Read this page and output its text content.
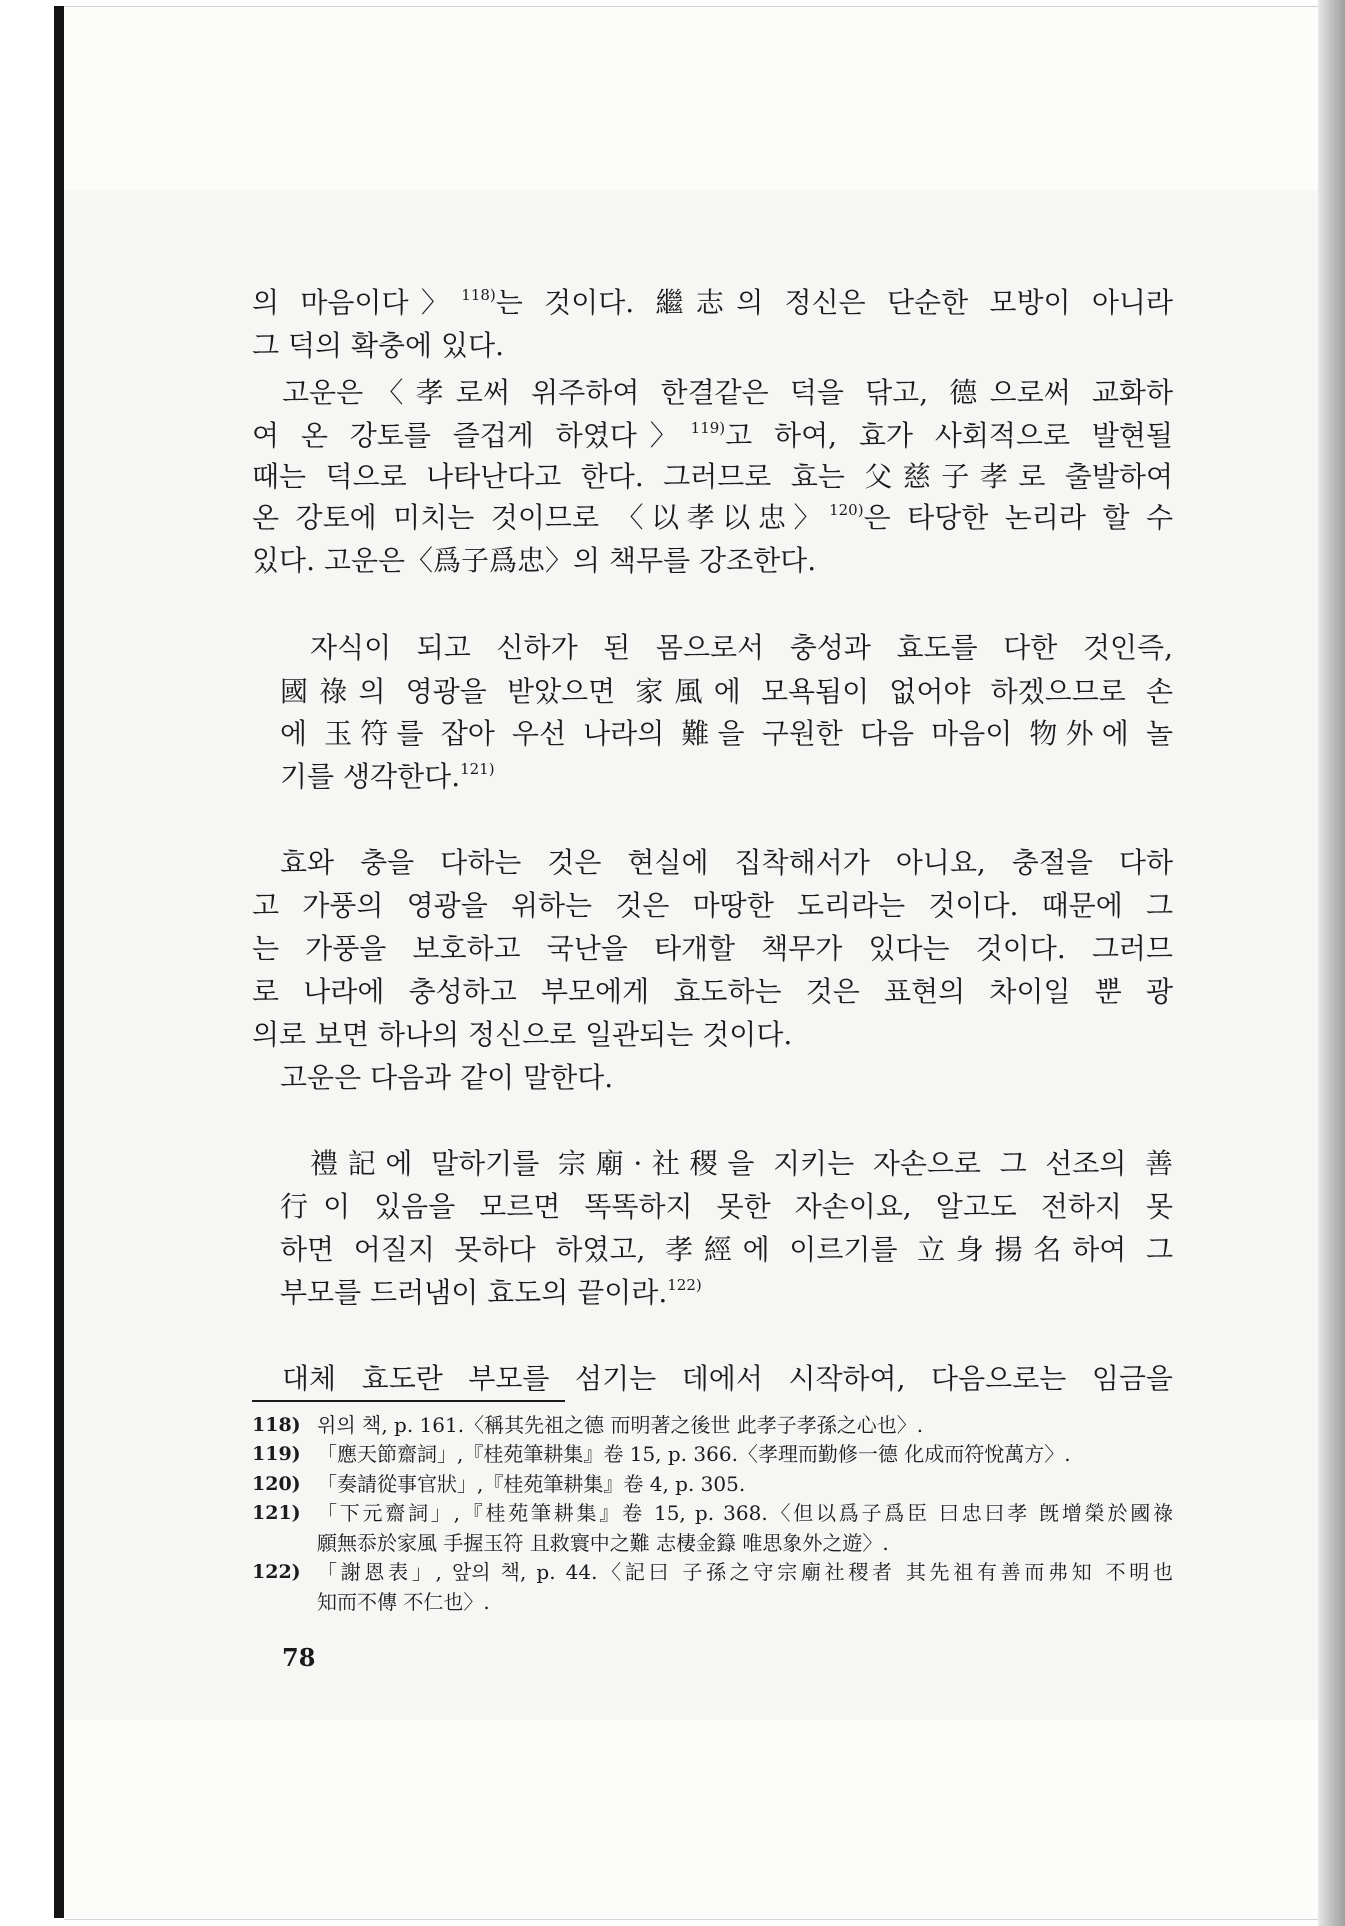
의 마음이다〉$^{118)}$는 것이다. 繼志의 정신은 단순한 모방이 아니라
그 덕의 확충에 있다.
고운은〈孝로써 위주하여 한결같은 덕을 닦고, 德으로써 교화하
여 온 강토를 즐겁게 하였다〉$^{119)}$고 하여, 효가 사회적으로 발현될
때는 덕으로 나타난다고 한다. 그러므로 효는 父慈子孝로 출발하여
온 강토에 미치는 것이므로 〈以孝以忠〉$^{120)}$은 타당한 논리라 할 수
있다. 고운은〈爲子爲忠〉의 책무를 강조한다.
자식이 되고 신하가 된 몸으로서 충성과 효도를 다한 것인즉,
國祿의 영광을 받았으면 家風에 모욕됨이 없어야 하겠으므로 손
에 玉符를 잡아 우선 나라의 難을 구원한 다음 마음이 物外에 놀
기를 생각한다.$^{121)}$
효와 충을 다하는 것은 현실에 집착해서가 아니요, 충절을 다하
고 가풍의 영광을 위하는 것은 마땅한 도리라는 것이다. 때문에 그
는 가풍을 보호하고 국난을 타개할 책무가 있다는 것이다. 그러므
로 나라에 충성하고 부모에게 효도하는 것은 표현의 차이일 뿐 광
의로 보면 하나의 정신으로 일관되는 것이다.
고운은 다음과 같이 말한다.
禮記에 말하기를 宗廟·社稷을 지키는 자손으로 그 선조의 善
行이 있음을 모르면 똑똑하지 못한 자손이요, 알고도 전하지 못
하면 어질지 못하다 하였고, 孝經에 이르기를 立身揚名하여 그
부모를 드러냄이 효도의 끝이라.$^{122)}$
대체 효도란 부모를 섬기는 데에서 시작하여, 다음으로는 임금을
118) 위의 책, p. 161.〈稱其先祖之德 而明著之後世 此孝子孝孫之心也〉.
119) 「應天節齋詞」,『桂苑筆耕集』卷 15, p. 366.〈孝理而勤修一德 化成而符悅萬方〉.
120) 「奏請從事官狀」,『桂苑筆耕集』卷 4, p. 305.
121) 「下元齋詞」,『桂苑筆耕集』卷 15, p. 368.〈但以爲子爲臣 曰忠曰孝 旣增榮於國祿
願無忝於家風 手握玉符 且救寰中之難 志棲金籙 唯思象外之遊〉.
122) 「謝恩表」, 앞의 책, p. 44.〈記曰 子孫之守宗廟社稷者 其先祖有善而弗知 不明也
知而不傳 不仁也〉.
78
